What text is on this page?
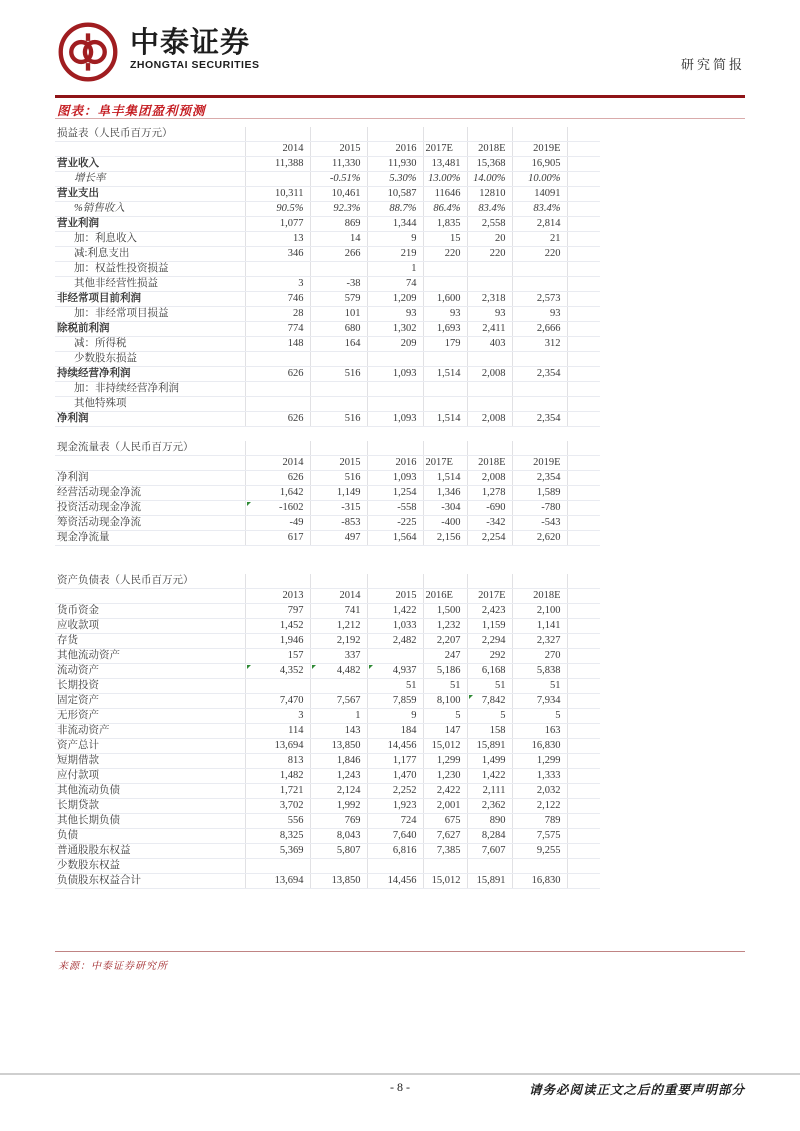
中泰证券
ZHONGTAI SECURITIES	研究简报
图表：阜丰集团盈利预测
损益表（人民币百万元）							
	2014	2015	2016	2017E	2018E	2019E	
营业收入	11,388	11,330	11,930	13,481	15,368	16,905	
增长率		-0.51%	5.30%	13.00%	14.00%	10.00%	
营业支出	10,311	10,461	10,587	11646	12810	14091	
%销售收入	90.5%	92.3%	88.7%	86.4%	83.4%	83.4%	
营业利润	1,077	869	1,344	1,835	2,558	2,814	
加：利息收入	13	14	9	15	20	21	
减:利息支出	346	266	219	220	220	220	
加：权益性投资损益			1				
其他非经营性损益	3	-38	74				
非经常项目前利润	746	579	1,209	1,600	2,318	2,573	
加：非经常项目损益	28	101	93	93	93	93	
除税前利润	774	680	1,302	1,693	2,411	2,666	
减：所得税	148	164	209	179	403	312	
少数股东损益							
持续经营净利润	626	516	1,093	1,514	2,008	2,354	
加：非持续经营净利润							
其他特殊项							
净利润	626	516	1,093	1,514	2,008	2,354	
现金流量表（人民币百万元）							
	2014	2015	2016	2017E	2018E	2019E	
净利润	626	516	1,093	1,514	2,008	2,354	
经营活动现金净流	1,642	1,149	1,254	1,346	1,278	1,589	
投资活动现金净流	-1602	-315	-558	-304	-690	-780	
筹资活动现金净流	-49	-853	-225	-400	-342	-543	
现金净流量	617	497	1,564	2,156	2,254	2,620	
资产负债表（人民币百万元）							
	2013	2014	2015	2016E	2017E	2018E	
货币资金	797	741	1,422	1,500	2,423	2,100	
应收款项	1,452	1,212	1,033	1,232	1,159	1,141	
存货	1,946	2,192	2,482	2,207	2,294	2,327	
其他流动资产	157	337		247	292	270	
流动资产	4,352	4,482	4,937	5,186	6,168	5,838	
长期投资			51	51	51	51	
固定资产	7,470	7,567	7,859	8,100	7,842	7,934	
无形资产	3	1	9	5	5	5	
非流动资产	114	143	184	147	158	163	
资产总计	13,694	13,850	14,456	15,012	15,891	16,830	
短期借款	813	1,846	1,177	1,299	1,499	1,299	
应付款项	1,482	1,243	1,470	1,230	1,422	1,333	
其他流动负债	1,721	2,124	2,252	2,422	2,111	2,032	
长期贷款	3,702	1,992	1,923	2,001	2,362	2,122	
其他长期负债	556	769	724	675	890	789	
负债	8,325	8,043	7,640	7,627	8,284	7,575	
普通股股东权益	5,369	5,807	6,816	7,385	7,607	9,255	
少数股东权益							
负债股东权益合计	13,694	13,850	14,456	15,012	15,891	16,830	
来源：中泰证券研究所
- 8 -	请务必阅读正文之后的重要声明部分
